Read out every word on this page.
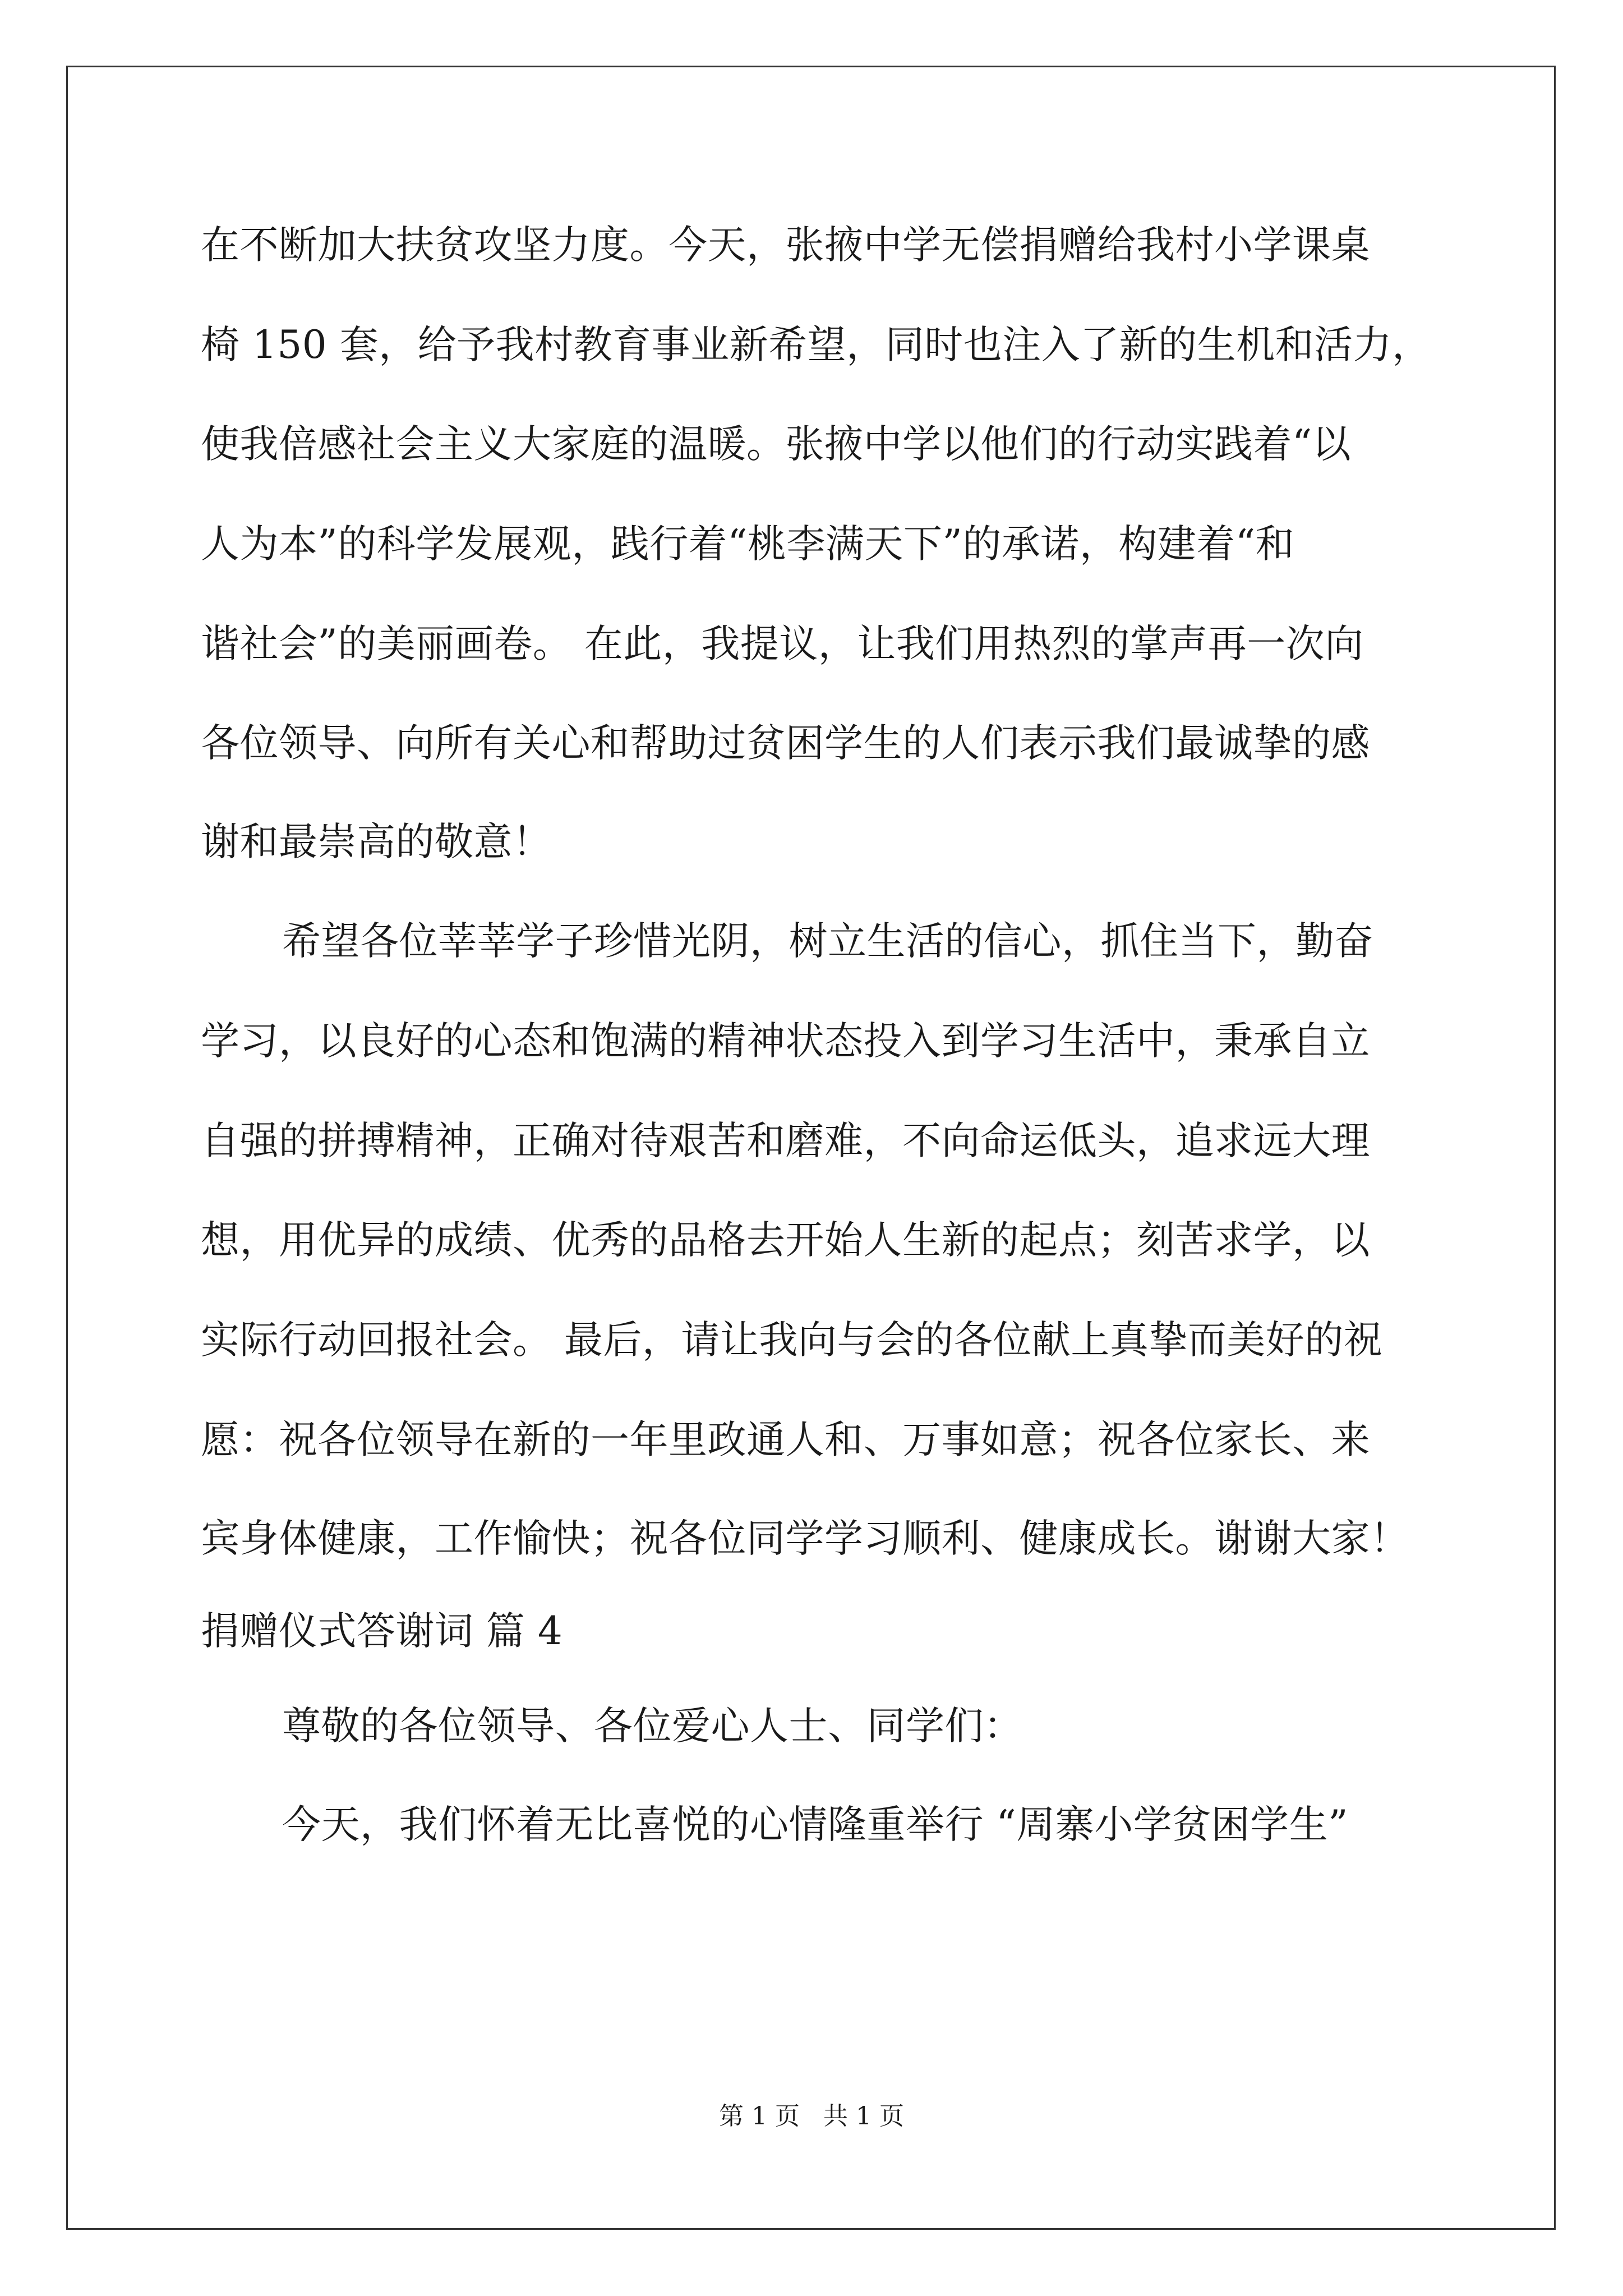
在不断加大扶贫攻坚力度。今天，张掖中学无偿捐赠给我村小学课桌
椅 150 套，给予我村教育事业新希望，同时也注入了新的生机和活力，
使我倍感社会主义大家庭的温暖。张掖中学以他们的行动实践着“以
人为本”的科学发展观，践行着“桃李满天下”的承诺，构建着“和
谐社会”的美丽画卷。 在此，我提议，让我们用热烈的掌声再一次向
各位领导、向所有关心和帮助过贫困学生的人们表示我们最诚挚的感
谢和最崇高的敬意！
希望各位莘莘学子珍惜光阴，树立生活的信心，抓住当下，勤奋
学习，以良好的心态和饱满的精神状态投入到学习生活中，秉承自立
自强的拼搏精神，正确对待艰苦和磨难，不向命运低头，追求远大理
想，用优异的成绩、优秀的品格去开始人生新的起点；刻苦求学，以
实际行动回报社会。 最后，请让我向与会的各位献上真挚而美好的祝
愿：祝各位领导在新的一年里政通人和、万事如意；祝各位家长、来
宾身体健康，工作愉快；祝各位同学学习顺利、健康成长。谢谢大家！
捐赠仪式答谢词 篇 4
尊敬的各位领导、各位爱心人士、同学们：
今天，我们怀着无比喜悦的心情隆重举行 “周寨小学贫困学生”
第 1 页   共 1 页
